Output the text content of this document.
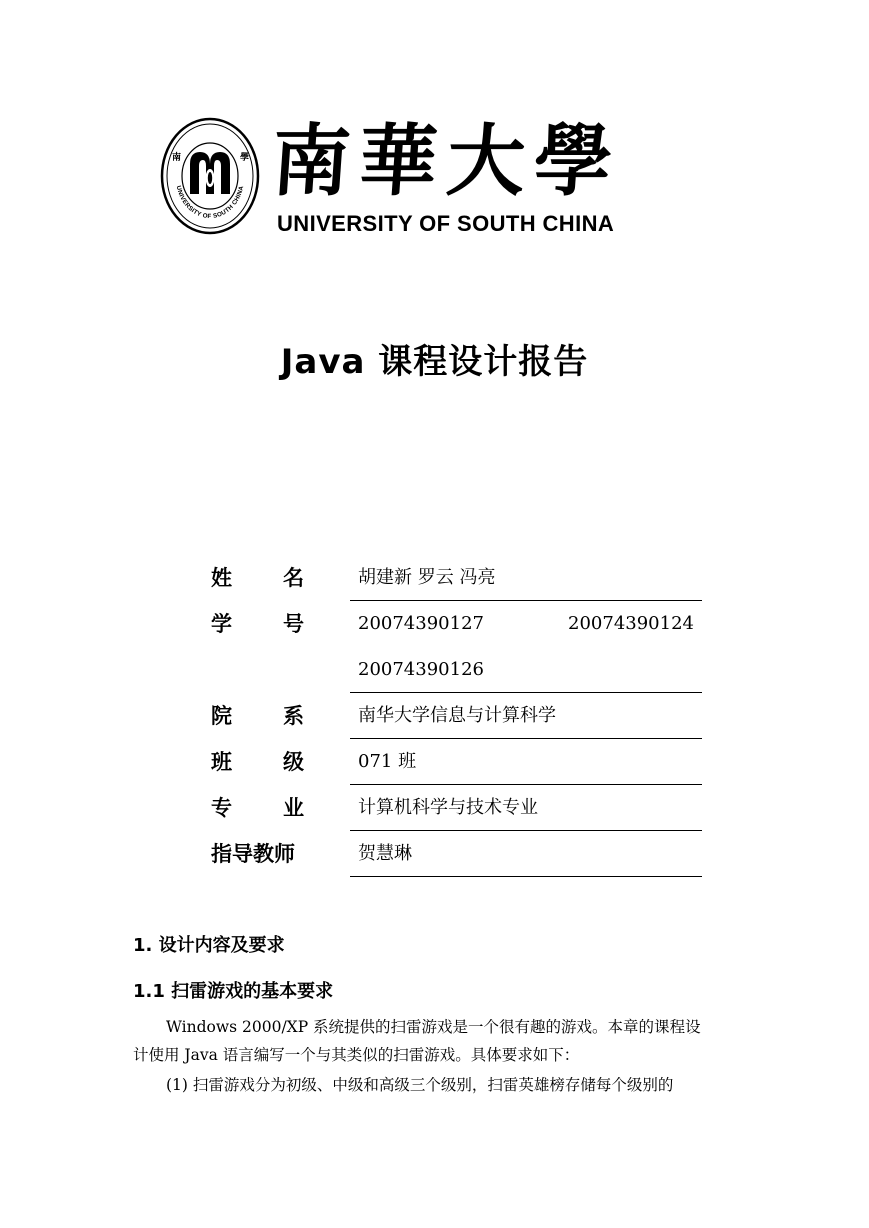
南	學
UNIVERSITY OF SOUTH CHINA 南 華 大 學
UNIVERSITY OF SOUTH CHINA
Java 课程设计报告
姓 名	胡建新 罗云 冯亮
学 号	20074390127	20074390124
20074390126
院 系	南华大学信息与计算科学
班 级	071 班
专 业	计算机科学与技术专业
指导教师	贺慧琳
1. 设计内容及要求
1.1 扫雷游戏的基本要求
Windows 2000/XP 系统提供的扫雷游戏是一个很有趣的游戏。本章的课程设
计使用 Java 语言编写一个与其类似的扫雷游戏。具体要求如下：
(1) 扫雷游戏分为初级、中级和高级三个级别，扫雷英雄榜存储每个级别的
